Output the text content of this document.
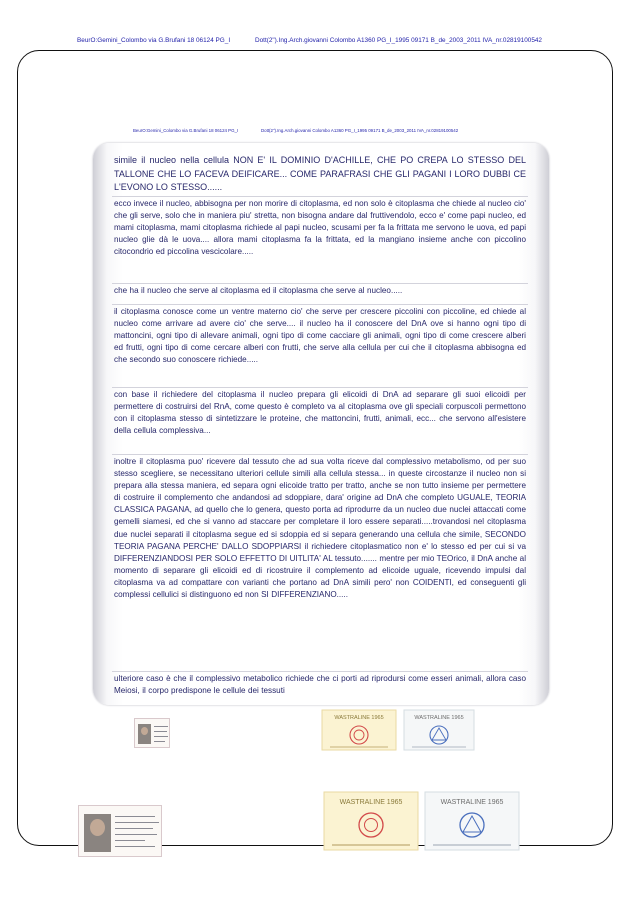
BeurO:Gemini_Colombo via G.Brufani 18 06124 PG_I	Dott(2").Ing.Arch.giovanni Colombo A1360 PG_I_1995 09171 B_de_2003_2011 IVA_nr.02819100542
BeurO:Gemini_Colombo via G.Brufani 18 06124 PG_I	Dott(2").Ing.Arch.giovanni Colombo A1360 PG_I_1995 09171 B_de_2003_2011 IVA_nr.02819100542

simile il nucleo nella cellula NON E' IL DOMINIO D'ACHILLE, CHE PO CREPA LO STESSO DEL TALLONE CHE LO FACEVA DEIFICARE... COME PARAFRASI CHE GLI PAGANI I LORO DUBBI CE L'EVONO LO STESSO......

ecco invece il nucleo, abbisogna per non morire di citoplasma, ed non solo è citoplasma che chiede al nucleo cio' che gli serve, solo che in maniera piu' stretta, non bisogna andare dal fruttivendolo, ecco e' come papi nucleo, ed mami citoplasma, mami citoplasma richiede al papi nucleo, scusami per fa la frittata me servono le uova, ed papi nucleo glie dà le uova.... allora mami citoplasma fa la frittata, ed la mangiano insieme anche con piccolino citocondrio ed piccolina vescicolare.....

che ha il nucleo che serve al citoplasma ed il citoplasma che serve al nucleo.....

il citoplasma conosce come un ventre materno cio' che serve per crescere piccolini con piccoline, ed chiede al nucleo come arrivare ad avere cio' che serve.... il nucleo ha il conoscere del DnA ove si hanno ogni tipo di mattoncini, ogni tipo di allevare animali, ogni tipo di come cacciare gli animali, ogni tipo di come crescere alberi ed frutti, ogni tipo di come cercare alberi con frutti, che serve alla cellula per cui che il citoplasma abbisogna ed che secondo suo conoscere richiede.....

con base il richiedere del citoplasma il nucleo prepara gli elicoidi di DnA ad separare gli suoi elicoidi per permettere di costruirsi del RnA, come questo è completo va al citoplasma ove gli speciali corpuscoli permettono con il citoplasma stesso di sintetizzare le proteine, che mattoncini, frutti, animali, ecc... che servono all'esistere della cellula complessiva...

inoltre il citoplasma puo' ricevere dal tessuto che ad sua volta riceve dal complessivo metabolismo, od per suo stesso scegliere, se necessitano ulteriori cellule simili alla cellula stessa... in queste circostanze il nucleo non si prepara alla stessa maniera, ed separa ogni elicoide tratto per tratto, anche se non tutto insieme per permettere di costruire il complemento che andandosi ad sdoppiare, dara' origine ad DnA che completo UGUALE, TEORIA CLASSICA PAGANA, ad quello che lo genera, questo porta ad riprodurre da un nucleo due nuclei attaccati come gemelli siamesi, ed che si vanno ad staccare per completare il loro essere separati.....trovandosi nel citoplasma due nuclei separati il citoplasma segue ed si sdoppia ed si separa generando una cellula che simile, SECONDO TEORIA PAGANA PERCHE' DALLO SDOPPIARSI il richiedere citoplasmatico non e' lo stesso ed per cui si va DIFFERENZIANDOSI PER SOLO EFFETTO DI UITLITA' AL tessuto....... mentre per mio TEOrico, il DnA anche al momento di separare gli elicoidi ed di ricostruire il complemento ad elicoide uguale, ricevendo impulsi dal citoplasma va ad compattare con varianti che portano ad DnA simili pero' non COIDENTI, ed conseguenti gli complessi cellulici si distinguono ed non SI DIFFERENZIANO.....

ulteriore caso è che il complessivo metabolico richiede che ci porti ad riprodursi come esseri animali, allora caso Meiosi, il corpo predispone le cellule dei tessuti

WASTRALINE 1965	WASTRALINE 1965
WASTRALINE 1965	WASTRALINE 1965
